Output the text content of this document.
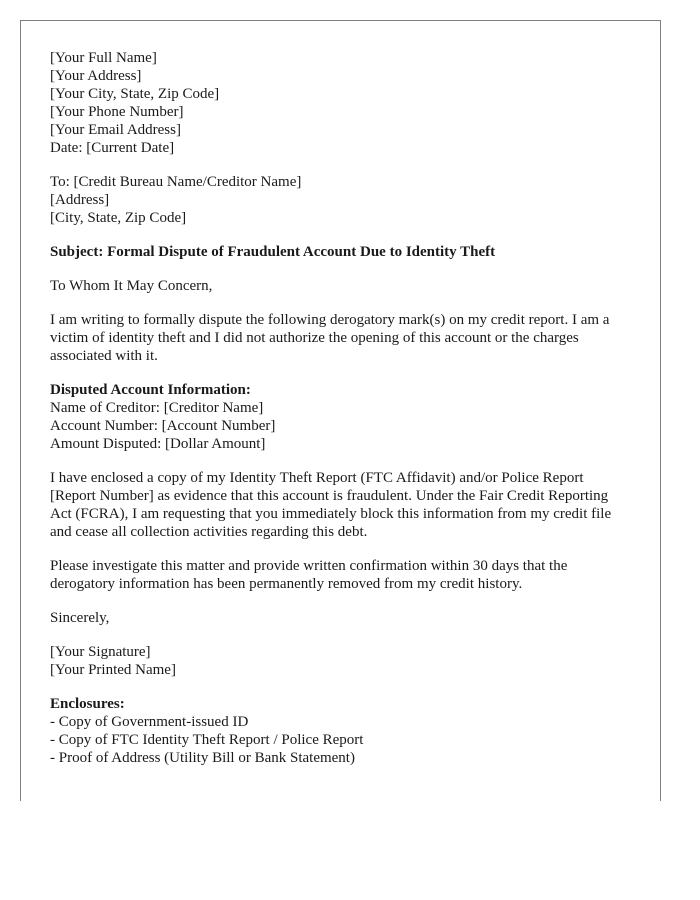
[Your Full Name]
[Your Address]
[Your City, State, Zip Code]
[Your Phone Number]
[Your Email Address]
Date: [Current Date]
To: [Credit Bureau Name/Creditor Name]
[Address]
[City, State, Zip Code]

Subject: Formal Dispute of Fraudulent Account Due to Identity Theft

To Whom It May Concern,

I am writing to formally dispute the following derogatory mark(s) on my credit report. I am a victim of identity theft and I did not authorize the opening of this account or the charges associated with it.

Disputed Account Information:
Name of Creditor: [Creditor Name]
Account Number: [Account Number]
Amount Disputed: [Dollar Amount]

I have enclosed a copy of my Identity Theft Report (FTC Affidavit) and/or Police Report [Report Number] as evidence that this account is fraudulent. Under the Fair Credit Reporting Act (FCRA), I am requesting that you immediately block this information from my credit file and cease all collection activities regarding this debt.

Please investigate this matter and provide written confirmation within 30 days that the derogatory information has been permanently removed from my credit history.

Sincerely,

[Your Signature]
[Your Printed Name]
Enclosures:
- Copy of Government-issued ID
- Copy of FTC Identity Theft Report / Police Report
- Proof of Address (Utility Bill or Bank Statement)
